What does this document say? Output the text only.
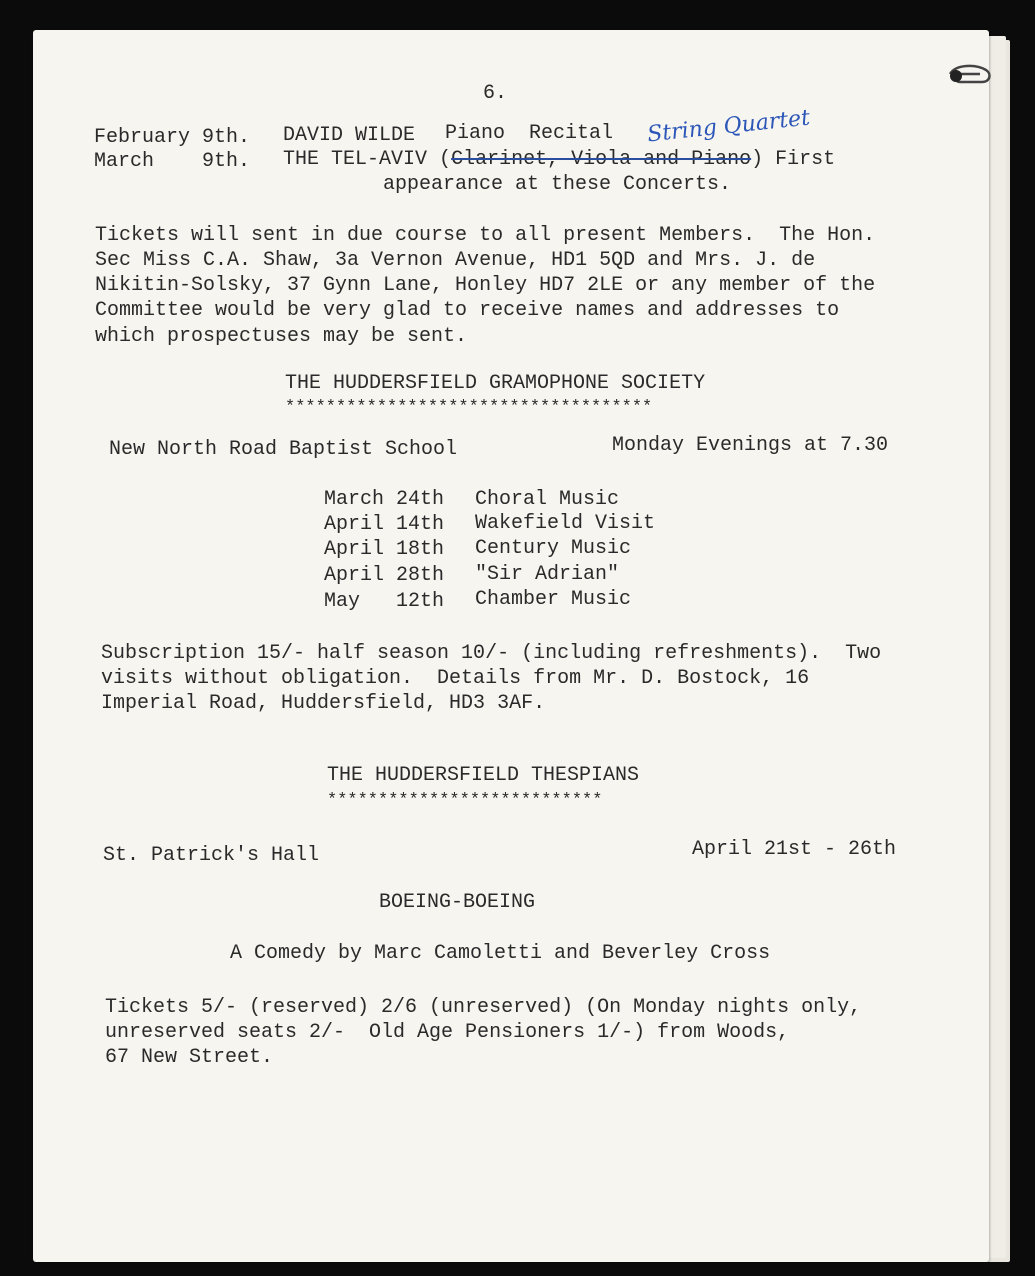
6.
February 9th. DAVID WILDE Piano  Recital String Quartet
March    9th. THE TEL-AVIV (Clarinet, Viola and Piano) First
appearance at these Concerts.
Tickets will sent in due course to all present Members.  The Hon.
Sec Miss C.A. Shaw, 3a Vernon Avenue, HD1 5QD and Mrs. J. de
Nikitin-Solsky, 37 Gynn Lane, Honley HD7 2LE or any member of the
Committee would be very glad to receive names and addresses to
which prospectuses may be sent.
THE HUDDERSFIELD GRAMOPHONE SOCIETY
************************************
New North Road Baptist School	Monday Evenings at 7.30
March 24th Choral Music
April 14th Wakefield Visit
April 18th Century Music
April 28th "Sir Adrian"
May   12th Chamber Music
Subscription 15/- half season 10/- (including refreshments).  Two
visits without obligation.  Details from Mr. D. Bostock, 16
Imperial Road, Huddersfield, HD3 3AF.
THE HUDDERSFIELD THESPIANS
***************************
St. Patrick's Hall	April 21st - 26th
BOEING-BOEING
A Comedy by Marc Camoletti and Beverley Cross
Tickets 5/- (reserved) 2/6 (unreserved) (On Monday nights only,
unreserved seats 2/-  Old Age Pensioners 1/-) from Woods,
67 New Street.
